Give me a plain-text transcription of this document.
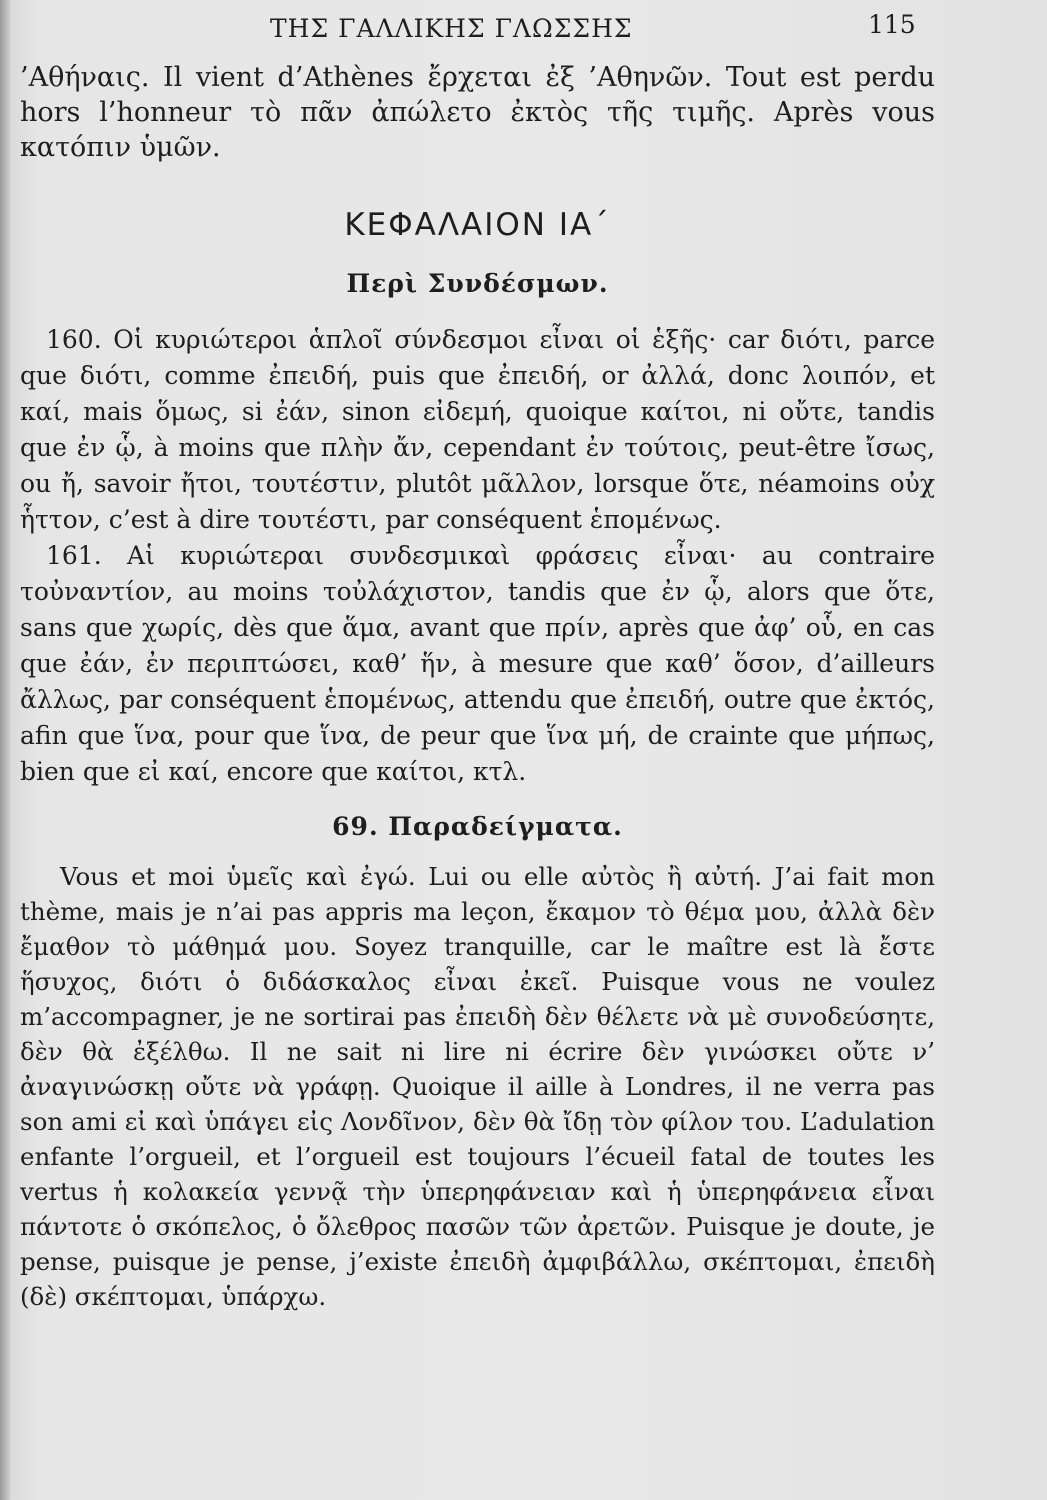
ΤΗΣ ΓΑΛΛΙΚΗΣ ΓΛΩΣΣΗΣ	115

’Αθήναις. Il vient d’Athènes ἔρχεται ἐξ ’Αθηνῶν. Tout est perdu hors l’honneur τὸ πᾶν ἀπώλετο ἐκτὸς τῆς τιμῆς. Après vous κατόπιν ὑμῶν.

ΚΕΦΑΛΑΙΟΝ ΙΑ΄
Περὶ Συνδέσμων.

160. Οἱ κυριώτεροι ἁπλοῖ σύνδεσμοι εἶναι οἱ ἑξῆς· car διότι, parce que διότι, comme ἐπειδή, puis que ἐπειδή, or ἀλλά, donc λοιπόν, et καί, mais ὅμως, si ἐάν, sinon εἰδεμή, quoique καίτοι, ni οὔτε, tandis que ἐν ᾧ, à moins que πλὴν ἄν, cependant ἐν τούτοις, peut-être ἴσως, ou ἤ, savoir ἤτοι, τουτέστιν, plutôt μᾶλλον, lorsque ὅτε, néamoins οὐχ ἧττον, c’est à dire τουτέστι, par conséquent ἑπομένως.

161. Αἱ κυριώτεραι συνδεσμικαὶ φράσεις εἶναι· au contraire τοὐναντίον, au moins τοὐλάχιστον, tandis que ἐν ᾧ, alors que ὅτε, sans que χωρίς, dès que ἅμα, avant que πρίν, après que ἀφ’ οὗ, en cas que ἐάν, ἐν περιπτώσει, καθ’ ἥν, à mesure que καθ’ ὅσον, d’ailleurs ἄλλως, par conséquent ἑπομένως, attendu que ἐπειδή, outre que ἐκτός, afin que ἵνα, pour que ἵνα, de peur que ἵνα μή, de crainte que μήπως, bien que εἰ καί, encore que καίτοι, κτλ.

69. Παραδείγματα.

Vous et moi ὑμεῖς καὶ ἐγώ. Lui ou elle αὐτὸς ἢ αὐτή. J’ai fait mon thème, mais je n’ai pas appris ma leçon, ἔκαμον τὸ θέμα μου, ἀλλὰ δὲν ἔμαθον τὸ μάθημά μου. Soyez tranquille, car le maître est là ἔστε ἥσυχος, διότι ὁ διδάσκαλος εἶναι ἐκεῖ. Puisque vous ne voulez m’accompagner, je ne sortirai pas ἐπειδὴ δὲν θέλετε νὰ μὲ συνοδεύσητε, δὲν θὰ ἐξέλθω. Il ne sait ni lire ni écrire δὲν γινώσκει οὔτε ν’ ἀναγινώσκῃ οὔτε νὰ γράφῃ. Quoique il aille à Londres, il ne verra pas son ami εἰ καὶ ὑπάγει εἰς Λονδῖνον, δὲν θὰ ἴδῃ τὸν φίλον του. L’adulation enfante l’orgueil, et l’orgueil est toujours l’écueil fatal de toutes les vertus ἡ κολακεία γεννᾷ τὴν ὑπερηφάνειαν καὶ ἡ ὑπερηφάνεια εἶναι πάντοτε ὁ σκόπελος, ὁ ὄλεθρος πασῶν τῶν ἀρετῶν. Puisque je doute, je pense, puisque je pense, j’existe ἐπειδὴ ἀμφιβάλλω, σκέπτομαι, ἐπειδὴ (δὲ) σκέπτομαι, ὑπάρχω.
